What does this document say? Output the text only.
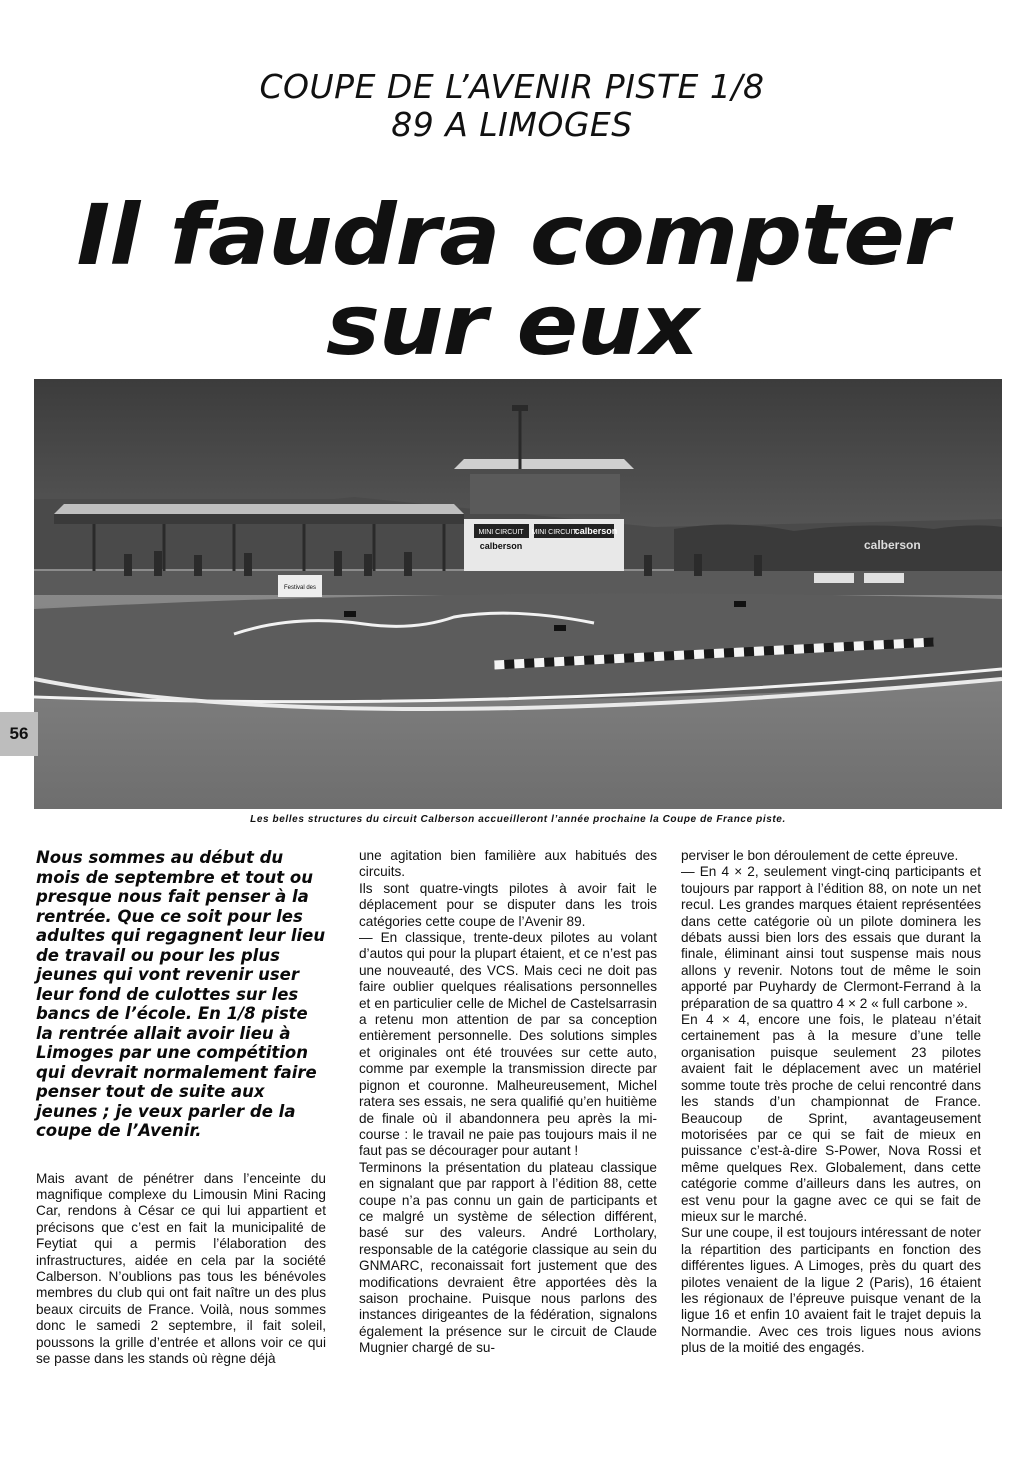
COUPE DE L’AVENIR PISTE 1/8
89 A LIMOGES
Il faudra compter
sur eux
MINI CIRCUIT
calberson
MINI CIRCUIT
calberson
Festival des
calberson
56
Les belles structures du circuit Calberson accueilleront l’année prochaine la Coupe de France piste.

Nous sommes au début du mois de septembre et tout ou presque nous fait penser à la rentrée. Que ce soit pour les adultes qui regagnent leur lieu de travail ou pour les plus jeunes qui vont revenir user leur fond de culottes sur les bancs de l’école. En 1/8 piste la rentrée allait avoir lieu à Limoges par une compétition qui devrait normalement faire penser tout de suite aux jeunes ; je veux parler de la coupe de l’Avenir.

Mais avant de pénétrer dans l’enceinte du magnifique complexe du Limousin Mini Racing Car, rendons à César ce qui lui appartient et précisons que c’est en fait la municipalité de Feytiat qui a permis l’élaboration des infrastructures, aidée en cela par la société Calberson. N’oublions pas tous les bénévoles membres du club qui ont fait naître un des plus beaux circuits de France. Voilà, nous sommes donc le samedi 2 septembre, il fait soleil, poussons la grille d’entrée et allons voir ce qui se passe dans les stands où règne déjà

une agitation bien familière aux habitués des circuits.
Ils sont quatre-vingts pilotes à avoir fait le déplacement pour se disputer dans les trois catégories cette coupe de l’Avenir 89.
— En classique, trente-deux pilotes au volant d’autos qui pour la plupart étaient, et ce n’est pas une nouveauté, des VCS. Mais ceci ne doit pas faire oublier quelques réalisations personnelles et en particulier celle de Michel de Castelsarrasin a retenu mon attention de par sa conception entièrement personnelle. Des solutions simples et originales ont été trouvées sur cette auto, comme par exemple la transmission directe par pignon et couronne. Malheureusement, Michel ratera ses essais, ne sera qualifié qu’en huitième de finale où il abandonnera peu après la mi-course : le travail ne paie pas toujours mais il ne faut pas se décourager pour autant !
Terminons la présentation du plateau classique en signalant que par rapport à l’édition 88, cette coupe n’a pas connu un gain de participants et ce malgré un système de sélection différent, basé sur des valeurs. André Lortholary, responsable de la catégorie classique au sein du GNMARC, reconaissait fort justement que des modifications devraient être apportées dès la saison prochaine. Puisque nous parlons des instances dirigeantes de la fédération, signalons également la présence sur le circuit de Claude Mugnier chargé de su-

perviser le bon déroulement de cette épreuve.
— En 4 × 2, seulement vingt-cinq participants et toujours par rapport à l’édition 88, on note un net recul. Les grandes marques étaient représentées dans cette catégorie où un pilote dominera les débats aussi bien lors des essais que durant la finale, éliminant ainsi tout suspense mais nous allons y revenir. Notons tout de même le soin apporté par Puyhardy de Clermont-Ferrand à la préparation de sa quattro 4 × 2 « full carbone ».
En 4 × 4, encore une fois, le plateau n’était certainement pas à la mesure d’une telle organisation puisque seulement 23 pilotes avaient fait le déplacement avec un matériel somme toute très proche de celui rencontré dans les stands d’un championnat de France. Beaucoup de Sprint, avantageusement motorisées par ce qui se fait de mieux en puissance c’est-à-dire S-Power, Nova Rossi et même quelques Rex. Globalement, dans cette catégorie comme d’ailleurs dans les autres, on est venu pour la gagne avec ce qui se fait de mieux sur le marché.
Sur une coupe, il est toujours intéressant de noter la répartition des participants en fonction des différentes ligues. A Limoges, près du quart des pilotes venaient de la ligue 2 (Paris), 16 étaient les régionaux de l’épreuve puisque venant de la ligue 16 et enfin 10 avaient fait le trajet depuis la Normandie. Avec ces trois ligues nous avions plus de la moitié des engagés.
